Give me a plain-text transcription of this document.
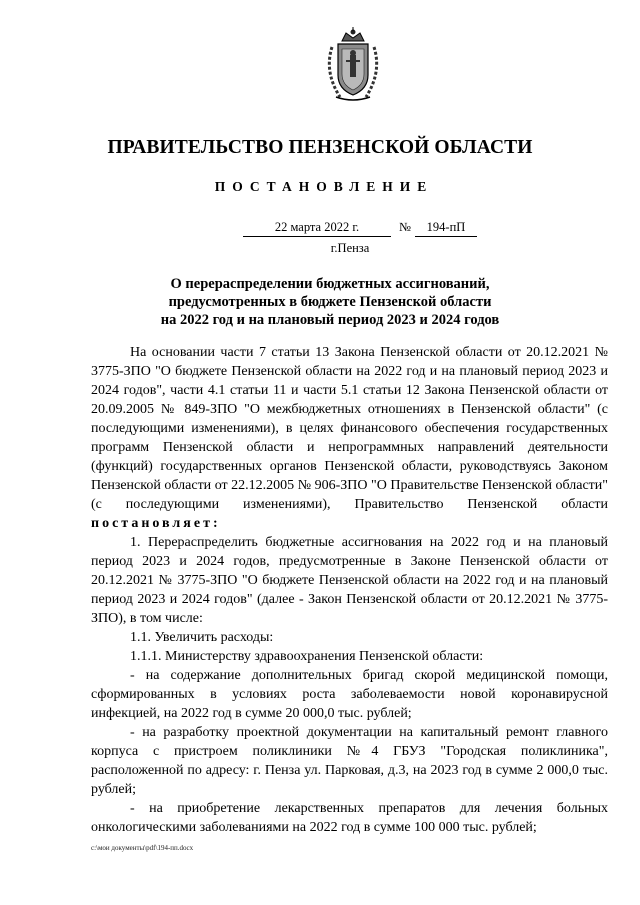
ПРАВИТЕЛЬСТВО ПЕНЗЕНСКОЙ ОБЛАСТИ
ПОСТАНОВЛЕНИЕ
22 марта 2022 г.	№	194-пП
г.Пенза
О перераспределении бюджетных ассигнований,
предусмотренных в бюджете Пензенской области
на 2022 год и на плановый период 2023 и 2024 годов
На основании части 7 статьи 13 Закона Пензенской области от 20.12.2021 № 3775-ЗПО "О бюджете Пензенской области на 2022 год и на плановый период 2023 и 2024 годов", части 4.1 статьи 11 и части 5.1 статьи 12 Закона Пензенской области от 20.09.2005 № 849-ЗПО "О межбюджетных отношениях в Пензенской области" (с последующими изменениями), в целях финансового обеспечения государственных программ Пензенской области и непрограммных направлений деятельности (функций) государственных органов Пензенской области, руководствуясь Законом Пензенской области от 22.12.2005 № 906-ЗПО "О Правительстве Пензенской области" (с последующими изменениями), Правительство Пензенской области постановляет:
1. Перераспределить бюджетные ассигнования на 2022 год и на плановый период 2023 и 2024 годов, предусмотренные в Законе Пензенской области от 20.12.2021 № 3775-ЗПО "О бюджете Пензенской области на 2022 год и на плановый период 2023 и 2024 годов" (далее - Закон Пензенской области от 20.12.2021 № 3775-ЗПО), в том числе:
1.1. Увеличить расходы:
1.1.1. Министерству здравоохранения Пензенской области:
- на содержание дополнительных бригад скорой медицинской помощи, сформированных в условиях роста заболеваемости новой коронавирусной инфекцией, на 2022 год в сумме 20 000,0 тыс. рублей;
- на разработку проектной документации на капитальный ремонт главного корпуса с пристроем поликлиники №4 ГБУЗ "Городская поликлиника", расположенной по адресу: г. Пенза ул. Парковая, д.3, на 2023 год в сумме 2 000,0 тыс. рублей;
- на приобретение лекарственных препаратов для лечения больных онкологическими заболеваниями на 2022 год в сумме 100 000 тыс. рублей;
c:\мои документы\pdf\194-пп.docx
